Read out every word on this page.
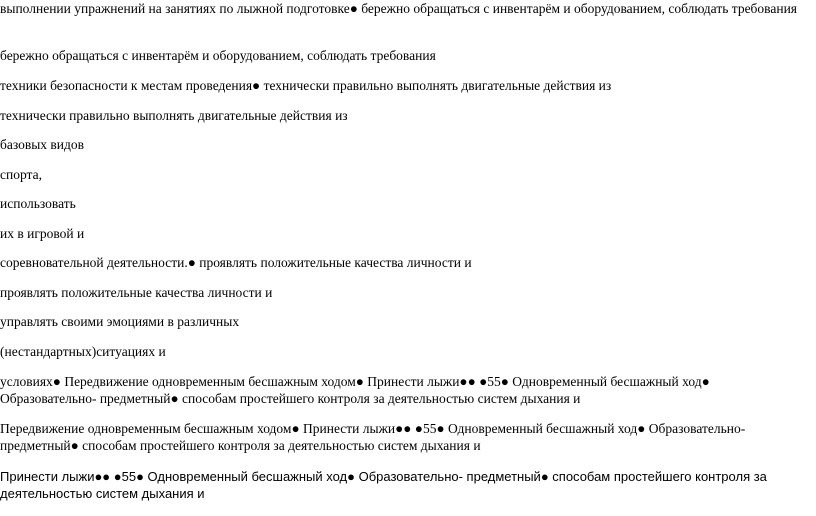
выполнении упражнений на занятиях по лыжной подготовке● бережно обращаться с инвентарём и оборудованием, соблюдать требования

бережно обращаться с инвентарём и оборудованием, соблюдать требования

техники безопасности к местам проведения● технически правильно выполнять двигательные действия из

технически правильно выполнять двигательные действия из

базовых видов

спорта,

использовать

их в игровой и

соревновательной деятельности.● проявлять положительные качества личности и

проявлять положительные качества личности и

управлять своими эмоциями в различных

(нестандартных)ситуациях и

условиях● Передвижение одновременным бесшажным ходом● Принести лыжи●● ●55● Одновременный бесшажный ход● Образовательно- предметный● способам простейшего контроля за деятельностью систем дыхания и

Передвижение одновременным бесшажным ходом● Принести лыжи●● ●55● Одновременный бесшажный ход● Образовательно-предметный● способам простейшего контроля за деятельностью систем дыхания и

Принести лыжи●● ●55● Одновременный бесшажный ход● Образовательно- предметный● способам простейшего контроля за деятельностью систем дыхания и
